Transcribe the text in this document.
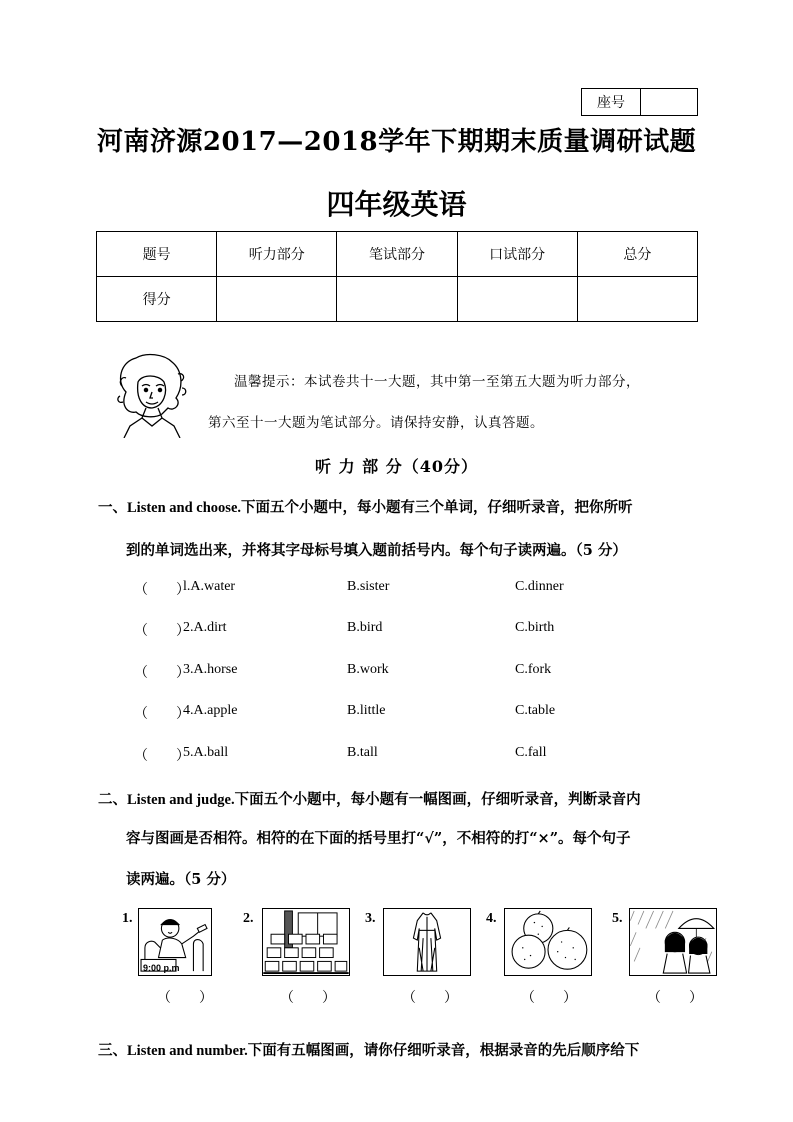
座号
河南济源2017—2018学年下期期末质量调研试题
四年级英语
题号	听力部分	笔试部分	口试部分	总分
得分				
温馨提示：本试卷共十一大题，其中第一至第五大题为听力部分，
第六至十一大题为笔试部分。请保持安静，认真答题。
听 力 部 分（40分）
一、Listen and choose.下面五个小题中，每小题有三个单词，仔细听录音，把你所听
到的单词选出来，并将其字母标号填入题前括号内。每个句子读两遍。（5 分）
（　　）
l.A.water	B.sister	C.dinner
（　　）
2.A.dirt	B.bird	C.birth
（　　）
3.A.horse	B.work	C.fork
（　　）
4.A.apple	B.little	C.table
（　　）
5.A.ball	B.tall	C.fall
二、Listen and judge.下面五个小题中，每小题有一幅图画，仔细听录音，判断录音内
容与图画是否相符。相符的在下面的括号里打“√”，不相符的打“×”。每个句子
读两遍。（5 分）
1.
9:00 p.m
2.	3.	4.	5.
（　　）	（　　）	（　　）	（　　）	（　　）
三、Listen and number.下面有五幅图画，请你仔细听录音，根据录音的先后顺序给下
